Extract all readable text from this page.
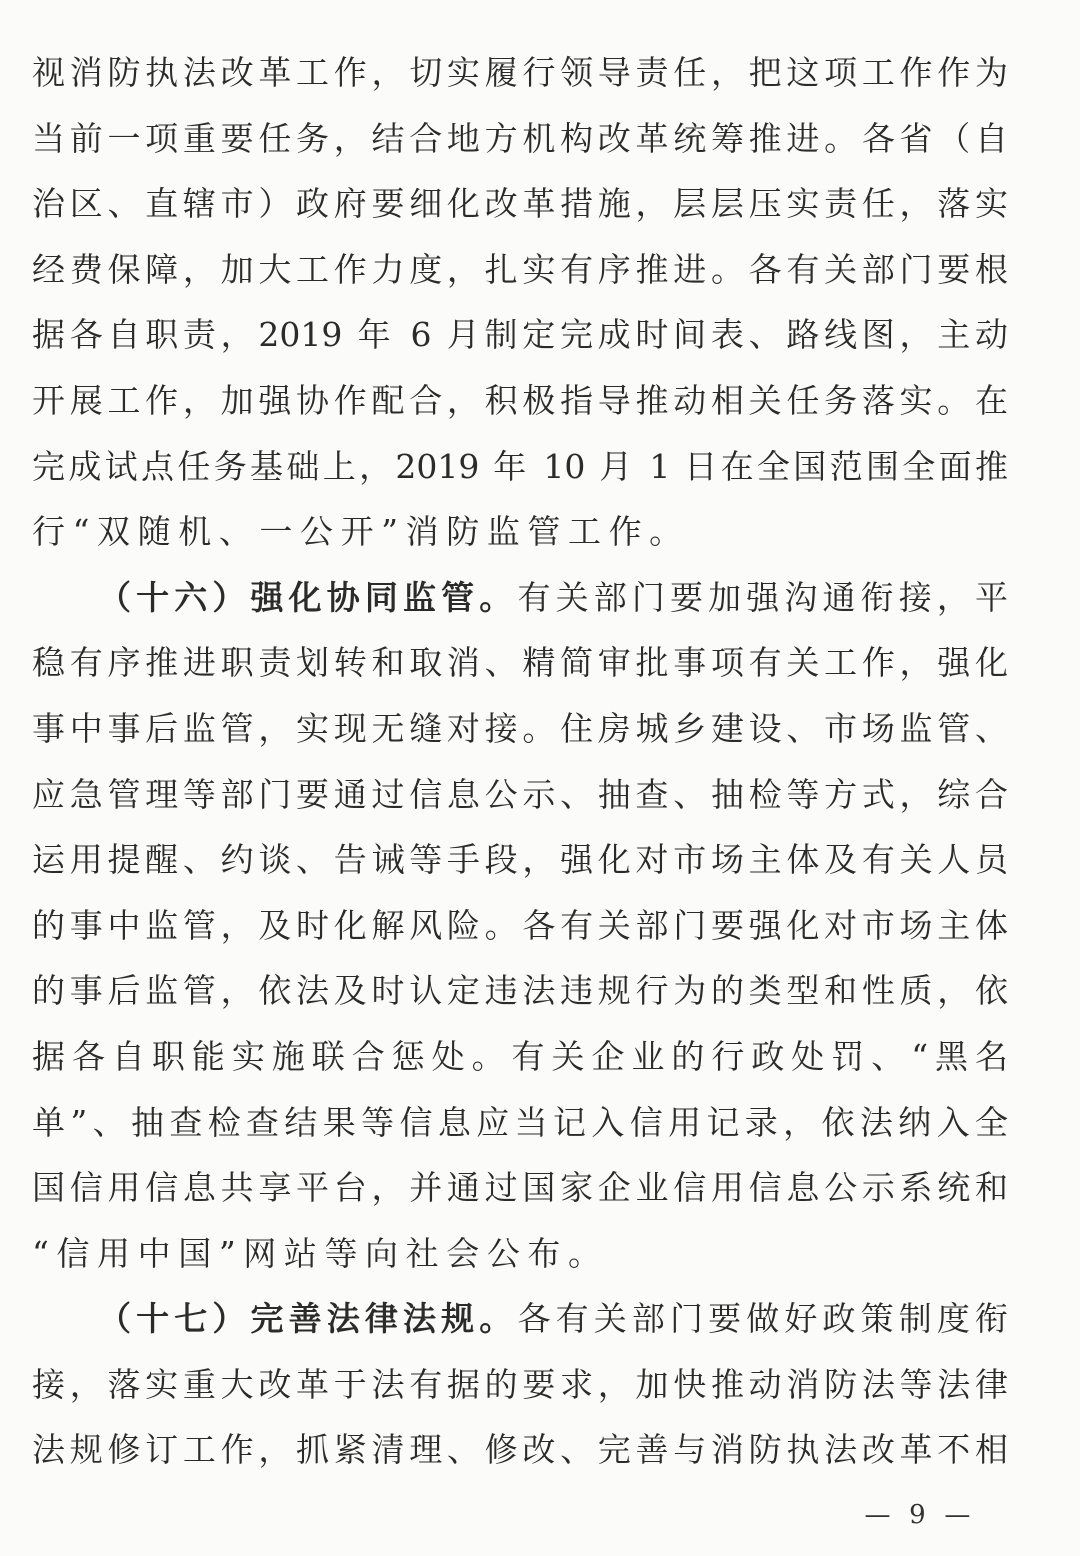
视消防执法改革工作，切实履行领导责任，把这项工作作为
当前一项重要任务，结合地方机构改革统筹推进。各省（自
治区、直辖市）政府要细化改革措施，层层压实责任，落实
经费保障，加大工作力度，扎实有序推进。各有关部门要根
据各自职责，2019 年 6 月制定完成时间表、路线图，主动
开展工作，加强协作配合，积极指导推动相关任务落实。在
完成试点任务基础上，2019 年 10 月 1 日在全国范围全面推
行“双随机、一公开”消防监管工作。
（十六）强化协同监管。有关部门要加强沟通衔接，平
稳有序推进职责划转和取消、精简审批事项有关工作，强化
事中事后监管，实现无缝对接。住房城乡建设、市场监管、
应急管理等部门要通过信息公示、抽查、抽检等方式，综合
运用提醒、约谈、告诫等手段，强化对市场主体及有关人员
的事中监管，及时化解风险。各有关部门要强化对市场主体
的事后监管，依法及时认定违法违规行为的类型和性质，依
据各自职能实施联合惩处。有关企业的行政处罚、“黑名
单”、抽查检查结果等信息应当记入信用记录，依法纳入全
国信用信息共享平台，并通过国家企业信用信息公示系统和
“信用中国”网站等向社会公布。
（十七）完善法律法规。各有关部门要做好政策制度衔
接，落实重大改革于法有据的要求，加快推动消防法等法律
法规修订工作，抓紧清理、修改、完善与消防执法改革不相
— 9 —
